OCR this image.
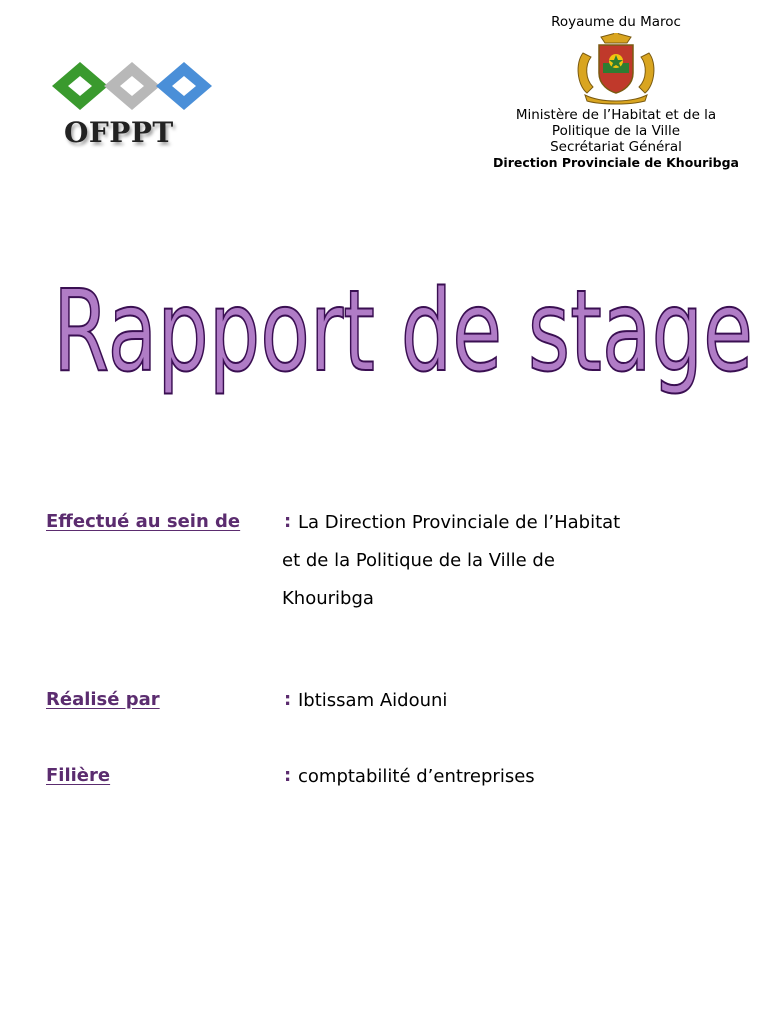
OFPPT
Royaume du Maroc
Ministère de l’Habitat et de la
Politique de la Ville
Secrétariat Général
Direction Provinciale de Khouribga
Rapport de stage
Effectué au sein de : La Direction Provinciale de l’Habitat
et de la Politique de la Ville de
Khouribga
Réalisé par	: Ibtissam Aidouni
Filière	: comptabilité d’entreprises
